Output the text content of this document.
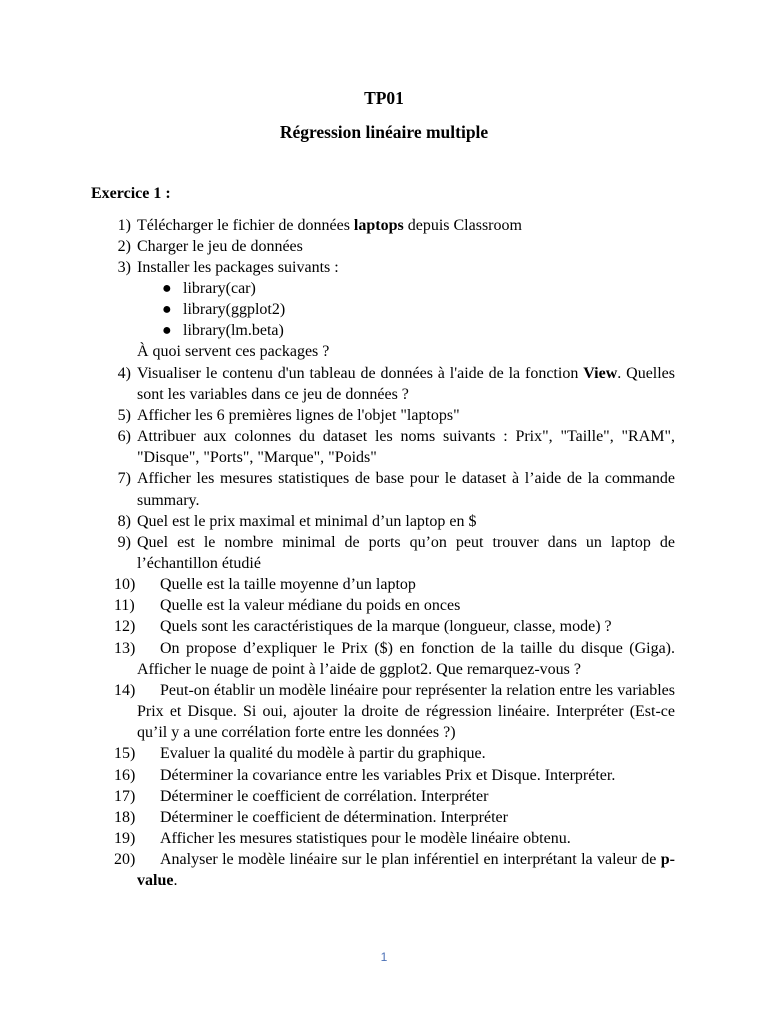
TP01
Régression linéaire multiple
Exercice 1 :
1) Télécharger le fichier de données laptops depuis Classroom
2) Charger le jeu de données
3) Installer les packages suivants :
● library(car)
● library(ggplot2)
● library(lm.beta)
À quoi servent ces packages ?
4) Visualiser le contenu d'un tableau de données à l'aide de la fonction View. Quelles sont les variables dans ce jeu de données ?
5) Afficher les 6 premières lignes de l'objet "laptops"
6) Attribuer aux colonnes du dataset les noms suivants : Prix", "Taille", "RAM", "Disque", "Ports", "Marque", "Poids"
7) Afficher les mesures statistiques de base pour le dataset à l’aide de la commande summary.
8) Quel est le prix maximal et minimal d’un laptop en $
9) Quel est le nombre minimal de ports qu’on peut trouver dans un laptop de l’échantillon étudié
10) Quelle est la taille moyenne d’un laptop
11) Quelle est la valeur médiane du poids en onces
12) Quels sont les caractéristiques de la marque (longueur, classe, mode) ?
13) On propose d’expliquer le Prix ($) en fonction de la taille du disque (Giga). Afficher le nuage de point à l’aide de ggplot2. Que remarquez-vous ?
14) Peut-on établir un modèle linéaire pour représenter la relation entre les variables Prix et Disque. Si oui, ajouter la droite de régression linéaire. Interpréter (Est-ce qu’il y a une corrélation forte entre les données ?)
15) Evaluer la qualité du modèle à partir du graphique.
16) Déterminer la covariance entre les variables Prix et Disque. Interpréter.
17) Déterminer le coefficient de corrélation. Interpréter
18) Déterminer le coefficient de détermination. Interpréter
19) Afficher les mesures statistiques pour le modèle linéaire obtenu.
20) Analyser le modèle linéaire sur le plan inférentiel en interprétant la valeur de p-value.
1
